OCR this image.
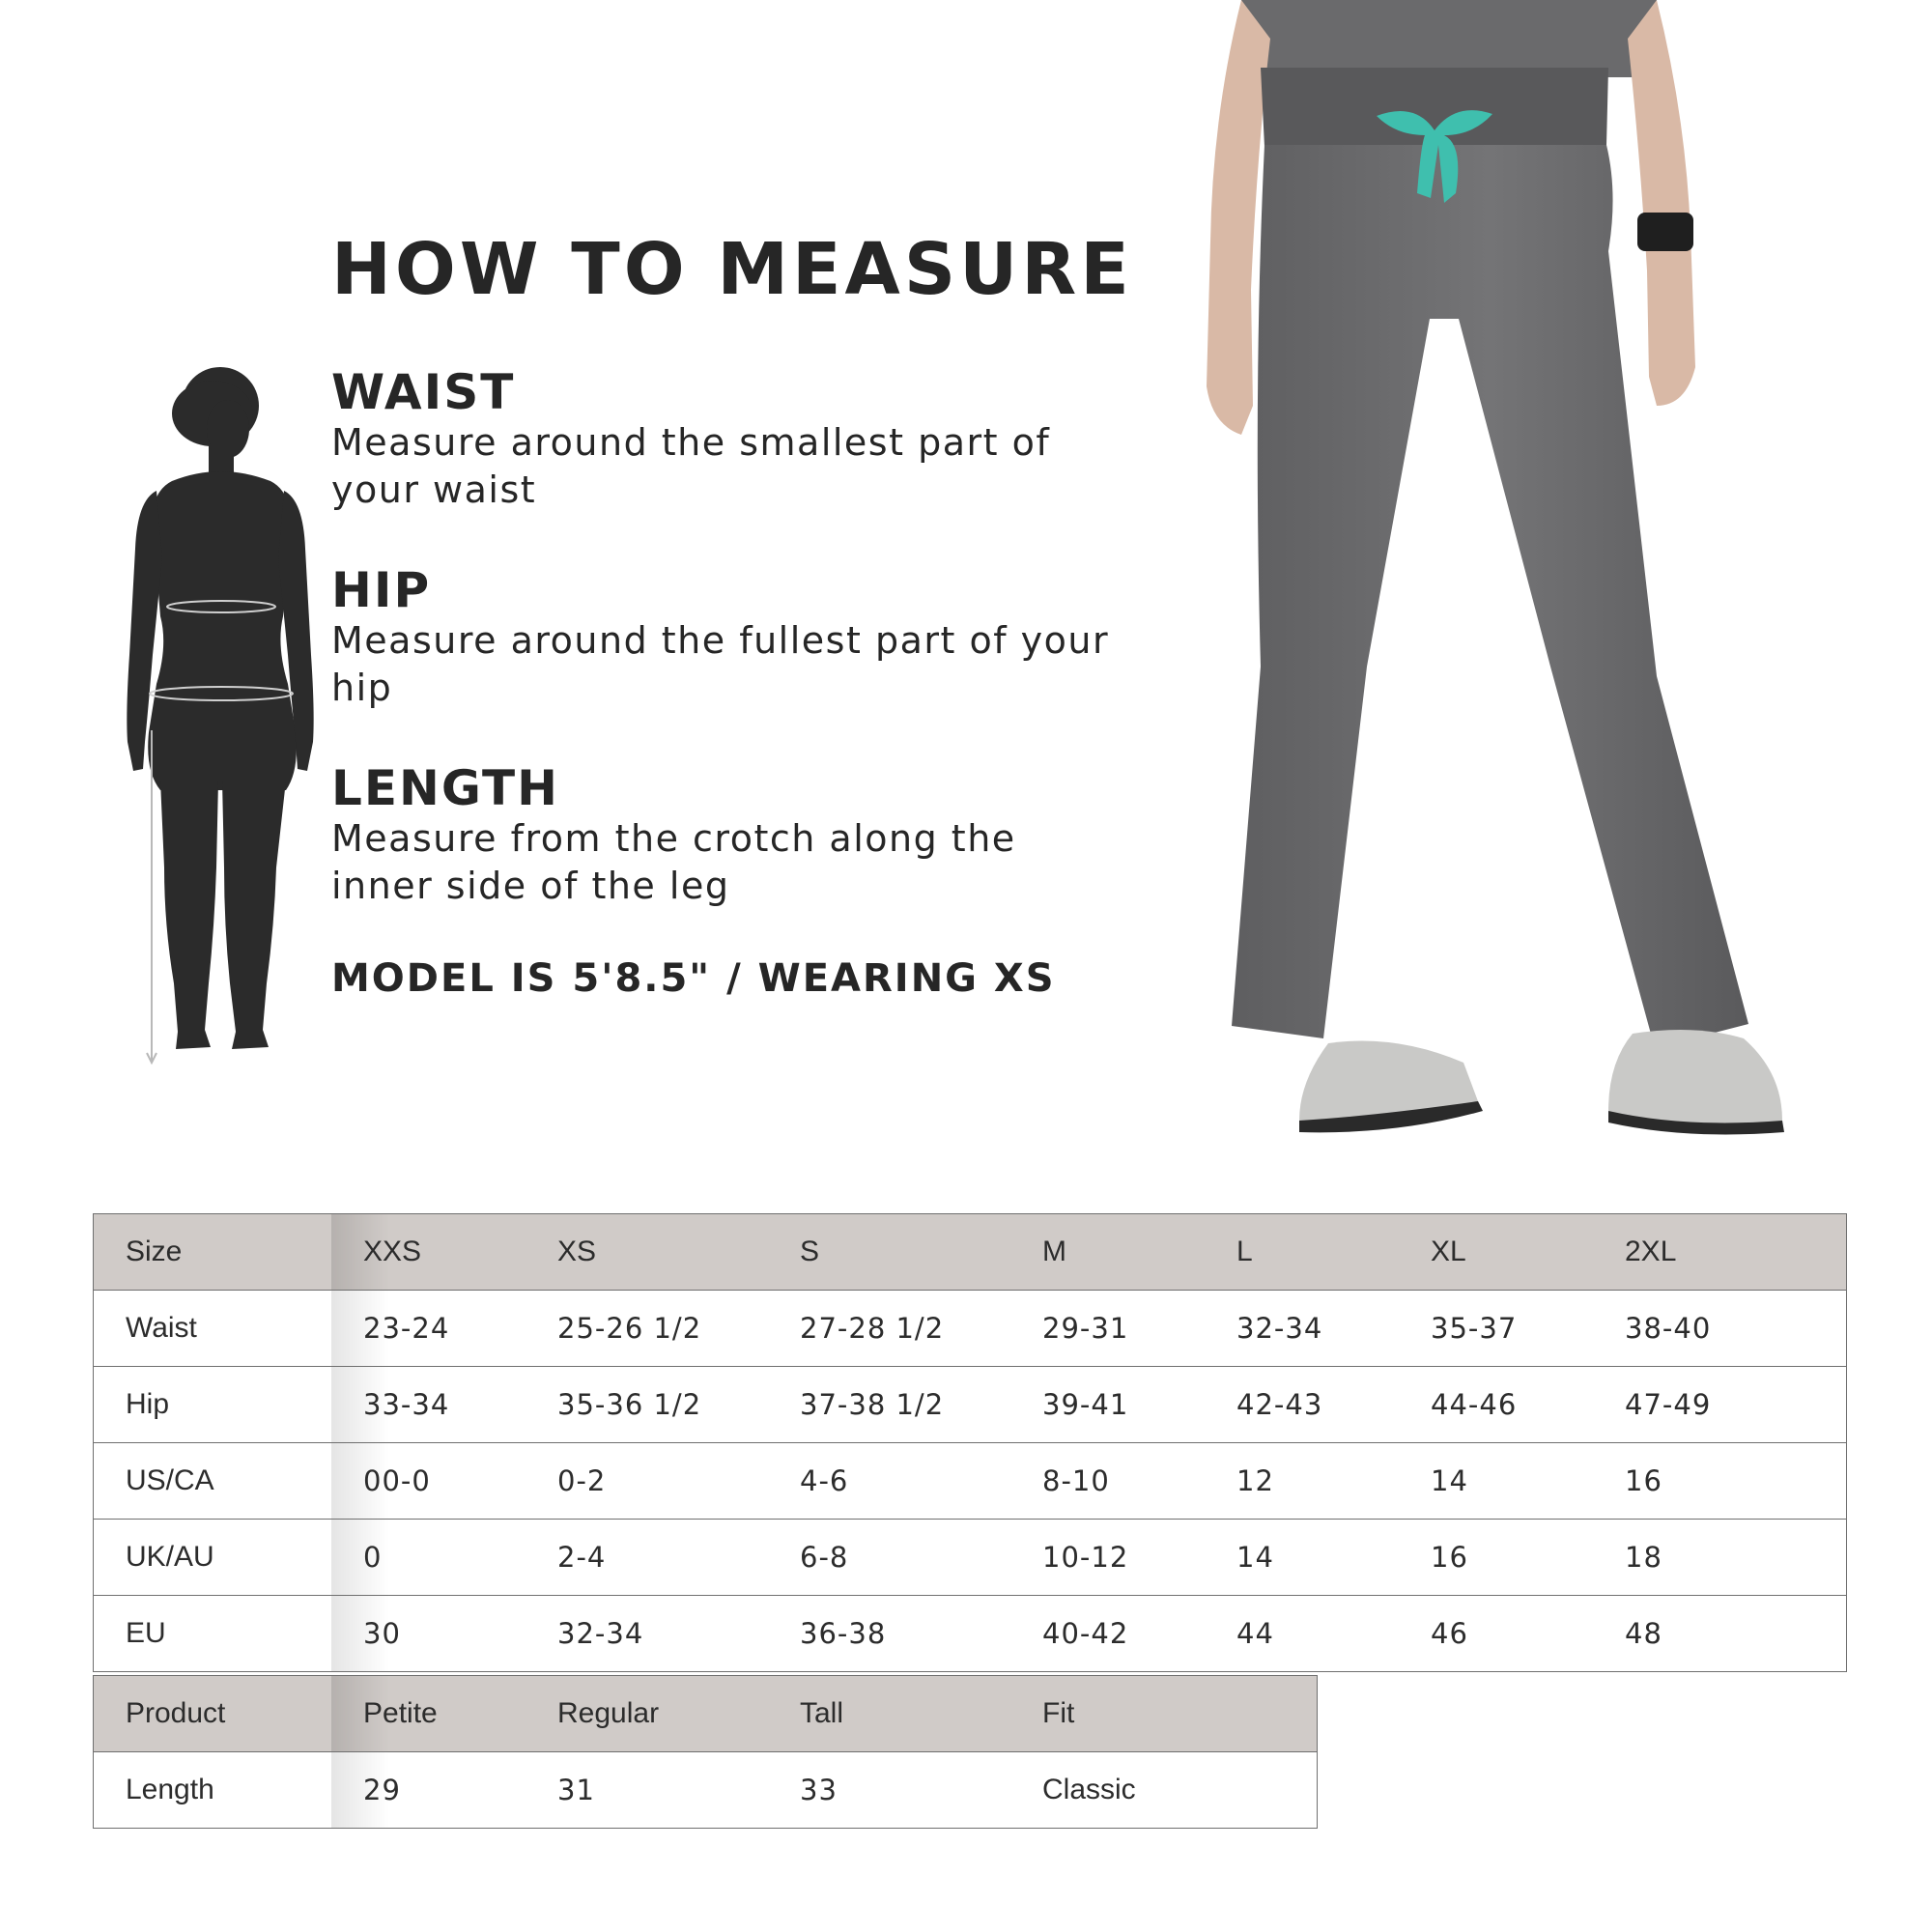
HOW TO MEASURE
WAIST

Measure around the smallest part of your waist

HIP

Measure around the fullest part of your hip

LENGTH

Measure from the crotch along the inner side of the leg

MODEL IS 5'8.5" / WEARING XS
Size	XXS	XS	S	M	L	XL	2XL
Waist	23-24	25-26 1/2	27-28 1/2	29-31	32-34	35-37	38-40
Hip	33-34	35-36 1/2	37-38 1/2	39-41	42-43	44-46	47-49
US/CA	00-0	0-2	4-6	8-10	12	14	16
UK/AU	0	2-4	6-8	10-12	14	16	18
EU	30	32-34	36-38	40-42	44	46	48
Product	Petite	Regular	Tall	Fit
Length	29	31	33	Classic
